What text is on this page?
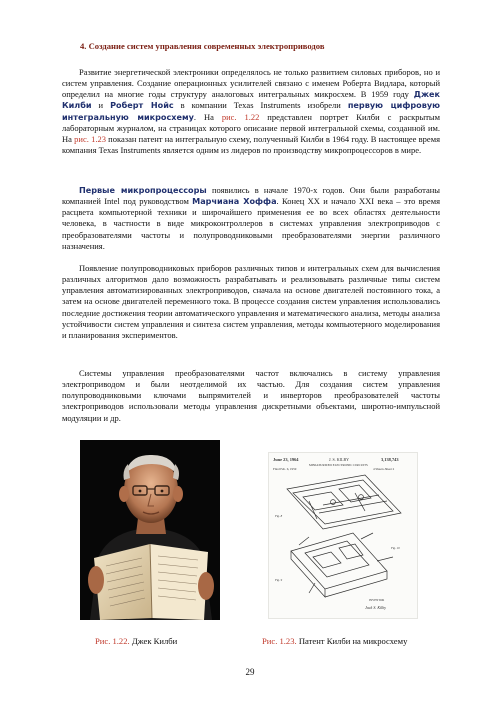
4. Создание систем управления современных электроприводов

Развитие энергетической электроники определялось не только развитием силовых приборов, но и систем управления. Создание операционных усилителей связано с именем Роберта Видлара, который определил на многие годы структуру аналоговых интегральных микросхем. В 1959 году Джек Килби и Роберт Нойс в компании Texas Instruments изобрели первую цифровую интегральную микросхему. На рис. 1.22 представлен портрет Килби с раскрытым лабораторным журналом, на страницах которого описание первой интегральной схемы, созданной им. На рис. 1.23 показан патент на интегральную схему, полученный Килби в 1964 году. В настоящее время компания Texas Instruments является одним из лидеров по производству микропроцессоров в мире.

Первые микропроцессоры появились в начале 1970-х годов. Они были разработаны компанией Intel под руководством Марчиана Хоффа. Конец XX и начало XXI века – это время расцвета компьютерной техники и широчайшего применения ее во всех областях деятельности человека, в частности в виде микроконтроллеров в системах управления электроприводов с преобразователями частоты и полупроводниковыми преобразователями энергии различного назначения.

Появление полупроводниковых приборов различных типов и интегральных схем для вычисления различных алгоритмов дало возможность разрабатывать и реализовывать различные типы систем управления автоматизированных электроприводов, сначала на основе двигателей постоянного тока, а затем на основе двигателей переменного тока. В процессе создания систем управления использовались последние достижения теории автоматического управления и математического анализа, методы анализа устойчивости систем управления и синтеза систем управления, методы компьютерного моделирования и планирования экспериментов.

Системы управления преобразователями частот включались в систему управления электроприводом и были неотделимой их частью. Для создания систем управления полупроводниковыми ключами выпрямителей и инверторов преобразователей частоты электроприводов использовали методы управления дискретными объектами, широтно-импульсной модуляции и др.

June 23, 1964	J. S. KILBY	3,138,743
MINIATURIZED ELECTRONIC CIRCUITS
Filed Feb. 6, 1959	4 Sheets-Sheet 2
Fig. 8
Fig. 9
Fig. 10
INVENTOR
Jack S. Kilby
Рис. 1.22. Джек Килби	Рис. 1.23. Патент Килби на микросхему
29
